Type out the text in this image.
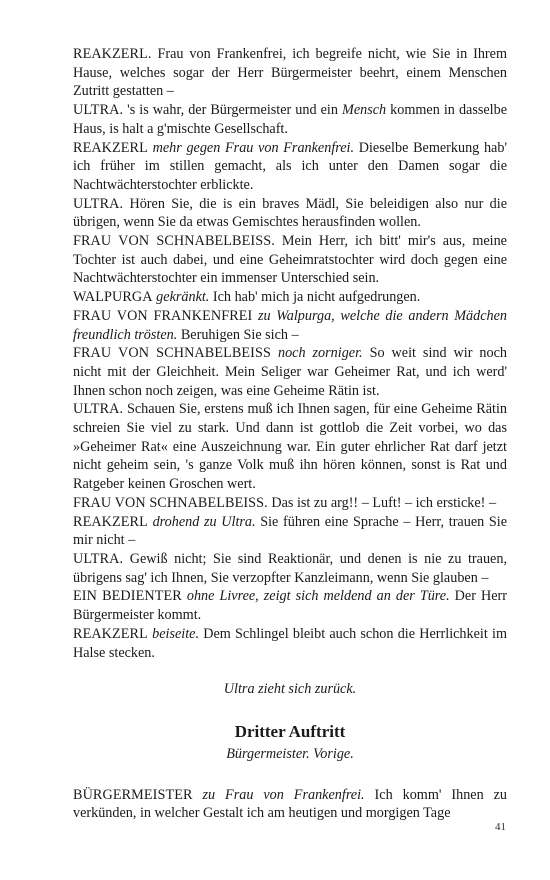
REAKZERL. Frau von Frankenfrei, ich begreife nicht, wie Sie in Ihrem Hause, welches sogar der Herr Bürgermeister beehrt, einem Menschen Zutritt gestatten –

ULTRA. 's is wahr, der Bürgermeister und ein Mensch kommen in dasselbe Haus, is halt a g'mischte Gesellschaft.

REAKZERL mehr gegen Frau von Frankenfrei. Dieselbe Bemerkung hab' ich früher im stillen gemacht, als ich unter den Damen sogar die Nachtwächterstochter erblickte.

ULTRA. Hören Sie, die is ein braves Mädl, Sie beleidigen also nur die übrigen, wenn Sie da etwas Gemischtes herausfinden wollen.

FRAU VON SCHNABELBEISS. Mein Herr, ich bitt' mir's aus, meine Tochter ist auch dabei, und eine Geheimratstochter wird doch gegen eine Nachtwächterstochter ein immenser Unterschied sein.

WALPURGA gekränkt. Ich hab' mich ja nicht aufgedrungen.

FRAU VON FRANKENFREI zu Walpurga, welche die andern Mädchen freundlich trösten. Beruhigen Sie sich –

FRAU VON SCHNABELBEISS noch zorniger. So weit sind wir noch nicht mit der Gleichheit. Mein Seliger war Geheimer Rat, und ich werd' Ihnen schon noch zeigen, was eine Geheime Rätin ist.

ULTRA. Schauen Sie, erstens muß ich Ihnen sagen, für eine Geheime Rätin schreien Sie viel zu stark. Und dann ist gottlob die Zeit vorbei, wo das »Geheimer Rat« eine Auszeichnung war. Ein guter ehrlicher Rat darf jetzt nicht geheim sein, 's ganze Volk muß ihn hören können, sonst is Rat und Ratgeber keinen Groschen wert.

FRAU VON SCHNABELBEISS. Das ist zu arg!! – Luft! – ich ersticke! –

REAKZERL drohend zu Ultra. Sie führen eine Sprache – Herr, trauen Sie mir nicht –

ULTRA. Gewiß nicht; Sie sind Reaktionär, und denen is nie zu trauen, übrigens sag' ich Ihnen, Sie verzopfter Kanzleimann, wenn Sie glauben –

EIN BEDIENTER ohne Livree, zeigt sich meldend an der Türe. Der Herr Bürgermeister kommt.

REAKZERL beiseite. Dem Schlingel bleibt auch schon die Herrlichkeit im Halse stecken.

Ultra zieht sich zurück.

Dritter Auftritt

Bürgermeister. Vorige.

BÜRGERMEISTER zu Frau von Frankenfrei. Ich komm' Ihnen zu verkünden, in welcher Gestalt ich am heutigen und morgigen Tage

41
